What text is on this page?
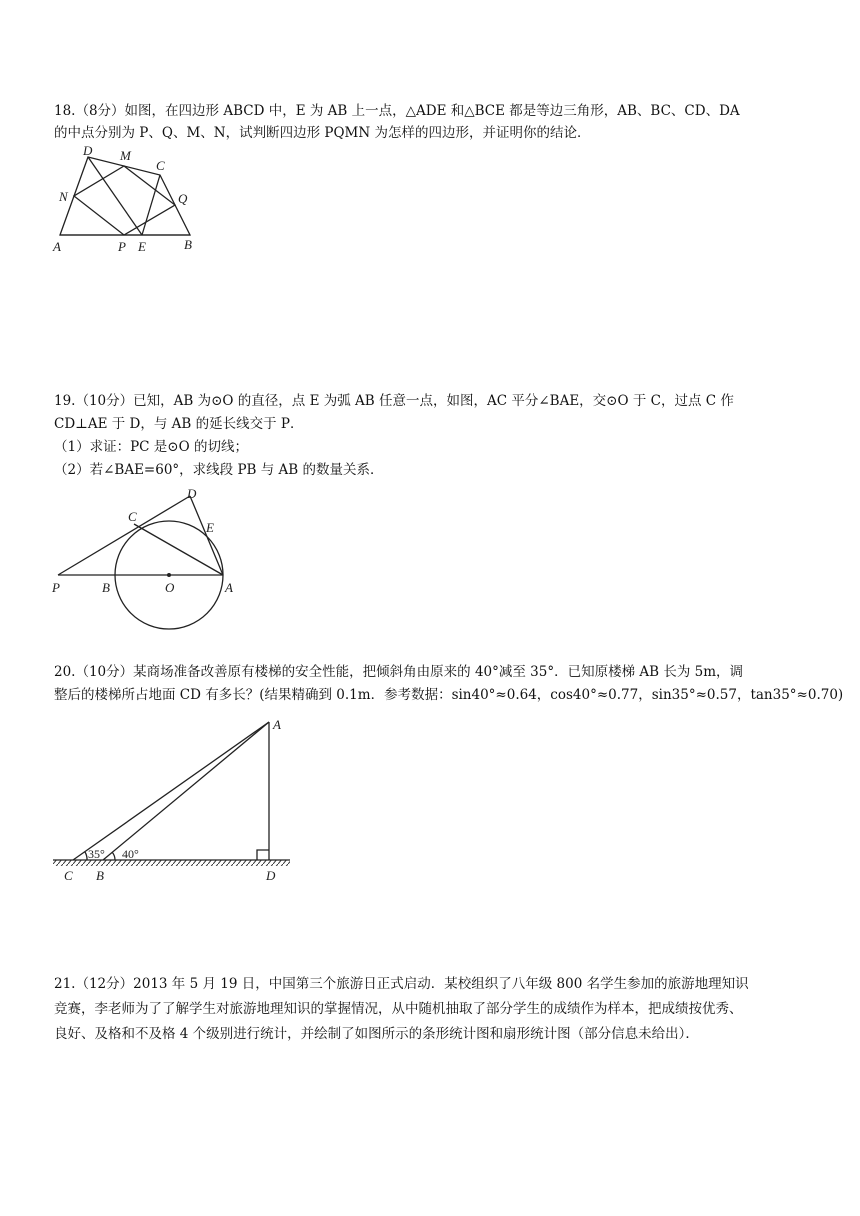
18.（8分）如图，在四边形 ABCD 中，E 为 AB 上一点，△ADE 和△BCE 都是等边三角形，AB、BC、CD、DA
的中点分别为 P、Q、M、N，试判断四边形 PQMN 为怎样的四边形，并证明你的结论．
D M
C
N	Q
A	P E	B
19.（10分）已知，AB 为⊙O 的直径，点 E 为弧 AB 任意一点，如图，AC 平分∠BAE，交⊙O 于 C，过点 C 作
CD⊥AE 于 D，与 AB 的延长线交于 P．
（1）求证：PC 是⊙O 的切线；
（2）若∠BAE=60°，求线段 PB 与 AB 的数量关系．
D
C
E
P	B	O	A
20.（10分）某商场准备改善原有楼梯的安全性能，把倾斜角由原来的 40°减至 35°．已知原楼梯 AB 长为 5m，调
整后的楼梯所占地面 CD 有多长？(结果精确到 0.1m．参考数据：sin40°≈0.64，cos40°≈0.77，sin35°≈0.57，tan35°≈0.70)
A
35° 40°
C B	D
21.（12分）2013 年 5 月 19 日，中国第三个旅游日正式启动．某校组织了八年级 800 名学生参加的旅游地理知识
竞赛，李老师为了了解学生对旅游地理知识的掌握情况，从中随机抽取了部分学生的成绩作为样本，把成绩按优秀、
良好、及格和不及格 4 个级别进行统计，并绘制了如图所示的条形统计图和扇形统计图（部分信息未给出）．
